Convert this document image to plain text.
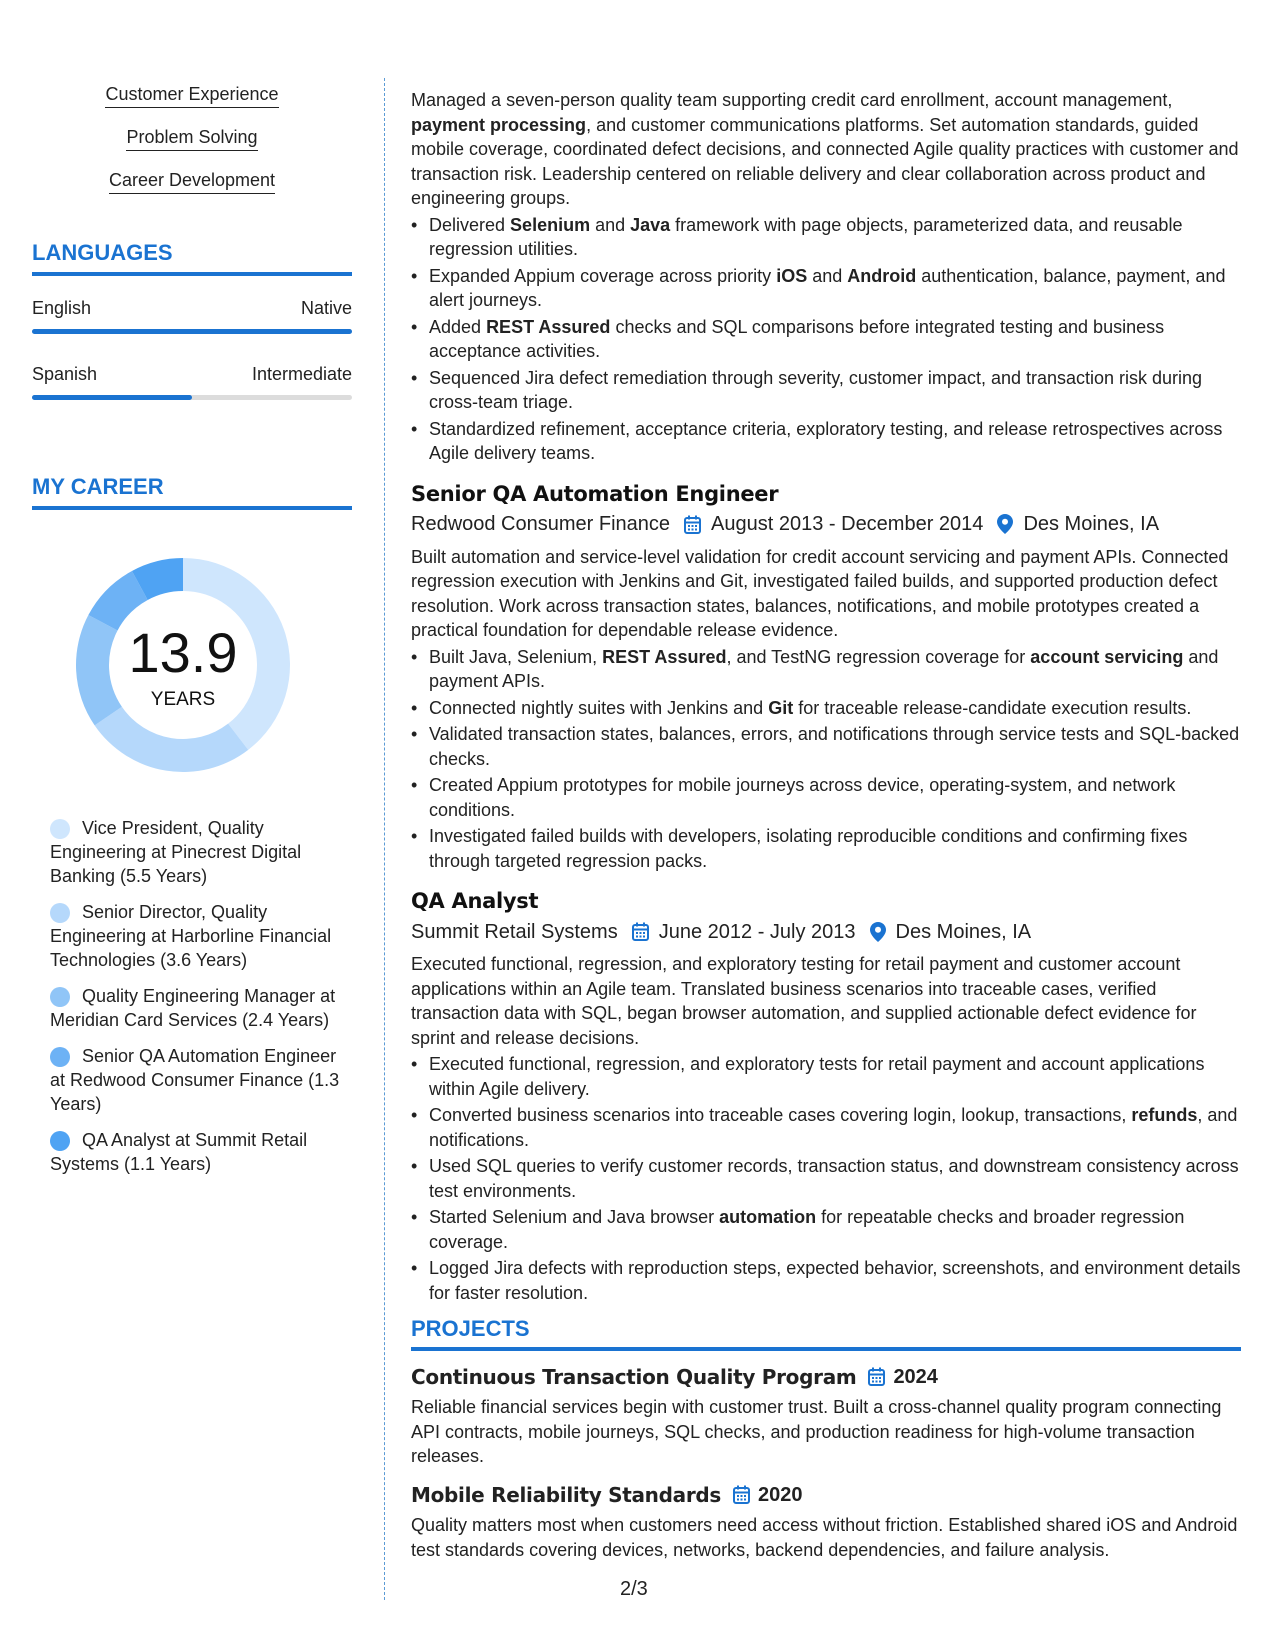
Customer Experience
Problem Solving
Career Development
LANGUAGES
English	Native
Spanish	Intermediate
MY CAREER
13.9
YEARS
Vice President, Quality Engineering at Pinecrest Digital Banking (5.5 Years)
Senior Director, Quality Engineering at Harborline Financial Technologies (3.6 Years)
Quality Engineering Manager at Meridian Card Services (2.4 Years)
Senior QA Automation Engineer at Redwood Consumer Finance (1.3 Years)
QA Analyst at Summit Retail Systems (1.1 Years)
Managed a seven-person quality team supporting credit card enrollment, account management, payment processing, and customer communications platforms. Set automation standards, guided mobile coverage, coordinated defect decisions, and connected Agile quality practices with customer and transaction risk. Leadership centered on reliable delivery and clear collaboration across product and engineering groups.
• Delivered Selenium and Java framework with page objects, parameterized data, and reusable regression utilities.
• Expanded Appium coverage across priority iOS and Android authentication, balance, payment, and alert journeys.
• Added REST Assured checks and SQL comparisons before integrated testing and business acceptance activities.
• Sequenced Jira defect remediation through severity, customer impact, and transaction risk during cross-team triage.
• Standardized refinement, acceptance criteria, exploratory testing, and release retrospectives across Agile delivery teams.
Senior QA Automation Engineer
Redwood Consumer Finance August 2013 - December 2014 Des Moines, IA
Built automation and service-level validation for credit account servicing and payment APIs. Connected regression execution with Jenkins and Git, investigated failed builds, and supported production defect resolution. Work across transaction states, balances, notifications, and mobile prototypes created a practical foundation for dependable release evidence.
• Built Java, Selenium, REST Assured, and TestNG regression coverage for account servicing and payment APIs.
• Connected nightly suites with Jenkins and Git for traceable release-candidate execution results.
• Validated transaction states, balances, errors, and notifications through service tests and SQL-backed checks.
• Created Appium prototypes for mobile journeys across device, operating-system, and network conditions.
• Investigated failed builds with developers, isolating reproducible conditions and confirming fixes through targeted regression packs.
QA Analyst
Summit Retail Systems June 2012 - July 2013 Des Moines, IA
Executed functional, regression, and exploratory testing for retail payment and customer account applications within an Agile team. Translated business scenarios into traceable cases, verified transaction data with SQL, began browser automation, and supplied actionable defect evidence for sprint and release decisions.
• Executed functional, regression, and exploratory tests for retail payment and account applications within Agile delivery.
• Converted business scenarios into traceable cases covering login, lookup, transactions, refunds, and notifications.
• Used SQL queries to verify customer records, transaction status, and downstream consistency across test environments.
• Started Selenium and Java browser automation for repeatable checks and broader regression coverage.
• Logged Jira defects with reproduction steps, expected behavior, screenshots, and environment details for faster resolution.
PROJECTS
Continuous Transaction Quality Program 2024
Reliable financial services begin with customer trust. Built a cross-channel quality program connecting API contracts, mobile journeys, SQL checks, and production readiness for high-volume transaction releases.
Mobile Reliability Standards 2020
Quality matters most when customers need access without friction. Established shared iOS and Android test standards covering devices, networks, backend dependencies, and failure analysis.
2/3
